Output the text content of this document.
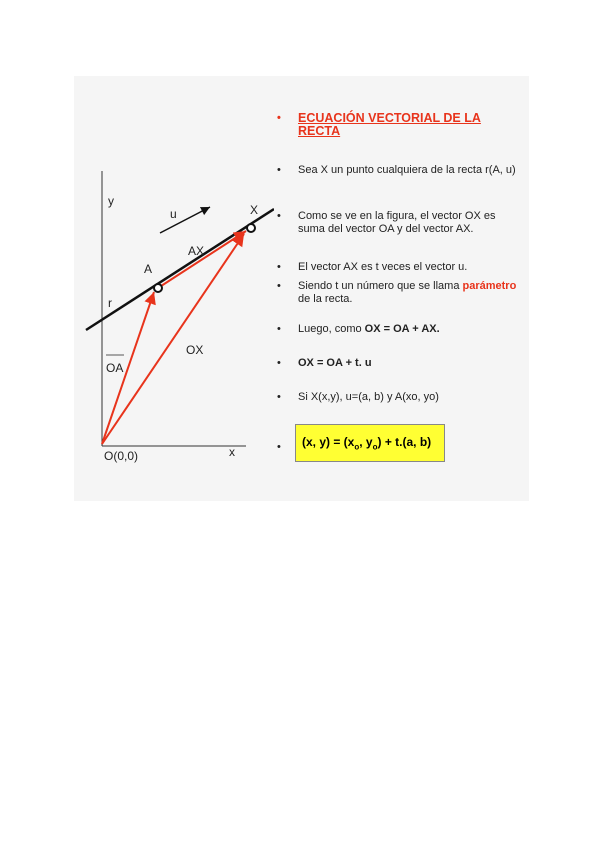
y
x
O(0,0)
r
A
X
u
AX
OA
OX
•	ECUACIÓN VECTORIAL DE LA RECTA
•	Sea X un punto cualquiera de la recta r(A, u)
•	Como se ve en la figura, el vector OX es suma del vector OA y del vector AX.
•	El vector AX es t veces el vector u.
•	Siendo t un número que se llama parámetro de la recta.
•	Luego, como OX = OA + AX.
•	OX = OA + t. u
•	Si X(x,y), u=(a, b) y A(xo, yo)
•	(x, $y) = (x_o$, $y_o) + t.(a$, b)
